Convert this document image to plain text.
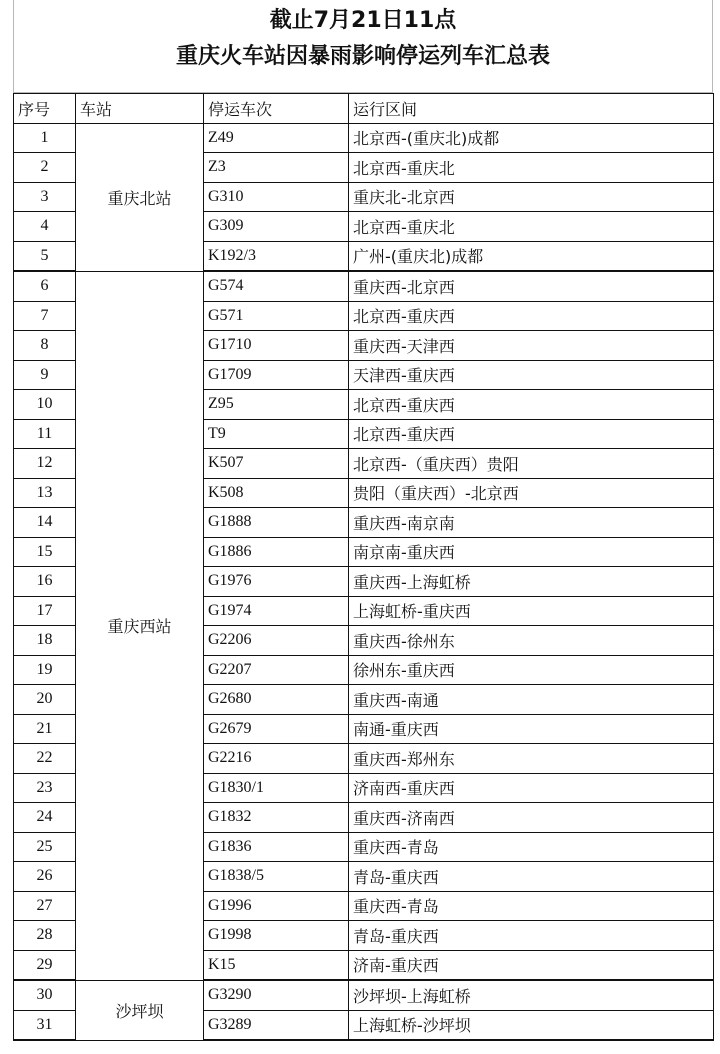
截止7月21日11点
重庆火车站因暴雨影响停运列车汇总表
序号	车站	停运车次	运行区间
1	重庆北站	Z49	北京西-(重庆北)成都
2		Z3	北京西-重庆北
3		G310	重庆北-北京西
4		G309	北京西-重庆北
5		K192/3	广州-(重庆北)成都
6	重庆西站	G574	重庆西-北京西
7		G571	北京西-重庆西
8		G1710	重庆西-天津西
9		G1709	天津西-重庆西
10		Z95	北京西-重庆西
11		T9	北京西-重庆西
12		K507	北京西-（重庆西）贵阳
13		K508	贵阳（重庆西）-北京西
14		G1888	重庆西-南京南
15		G1886	南京南-重庆西
16		G1976	重庆西-上海虹桥
17		G1974	上海虹桥-重庆西
18		G2206	重庆西-徐州东
19		G2207	徐州东-重庆西
20		G2680	重庆西-南通
21		G2679	南通-重庆西
22		G2216	重庆西-郑州东
23		G1830/1	济南西-重庆西
24		G1832	重庆西-济南西
25		G1836	重庆西-青岛
26		G1838/5	青岛-重庆西
27		G1996	重庆西-青岛
28		G1998	青岛-重庆西
29		K15	济南-重庆西
30	沙坪坝	G3290	沙坪坝-上海虹桥
31		G3289	上海虹桥-沙坪坝
